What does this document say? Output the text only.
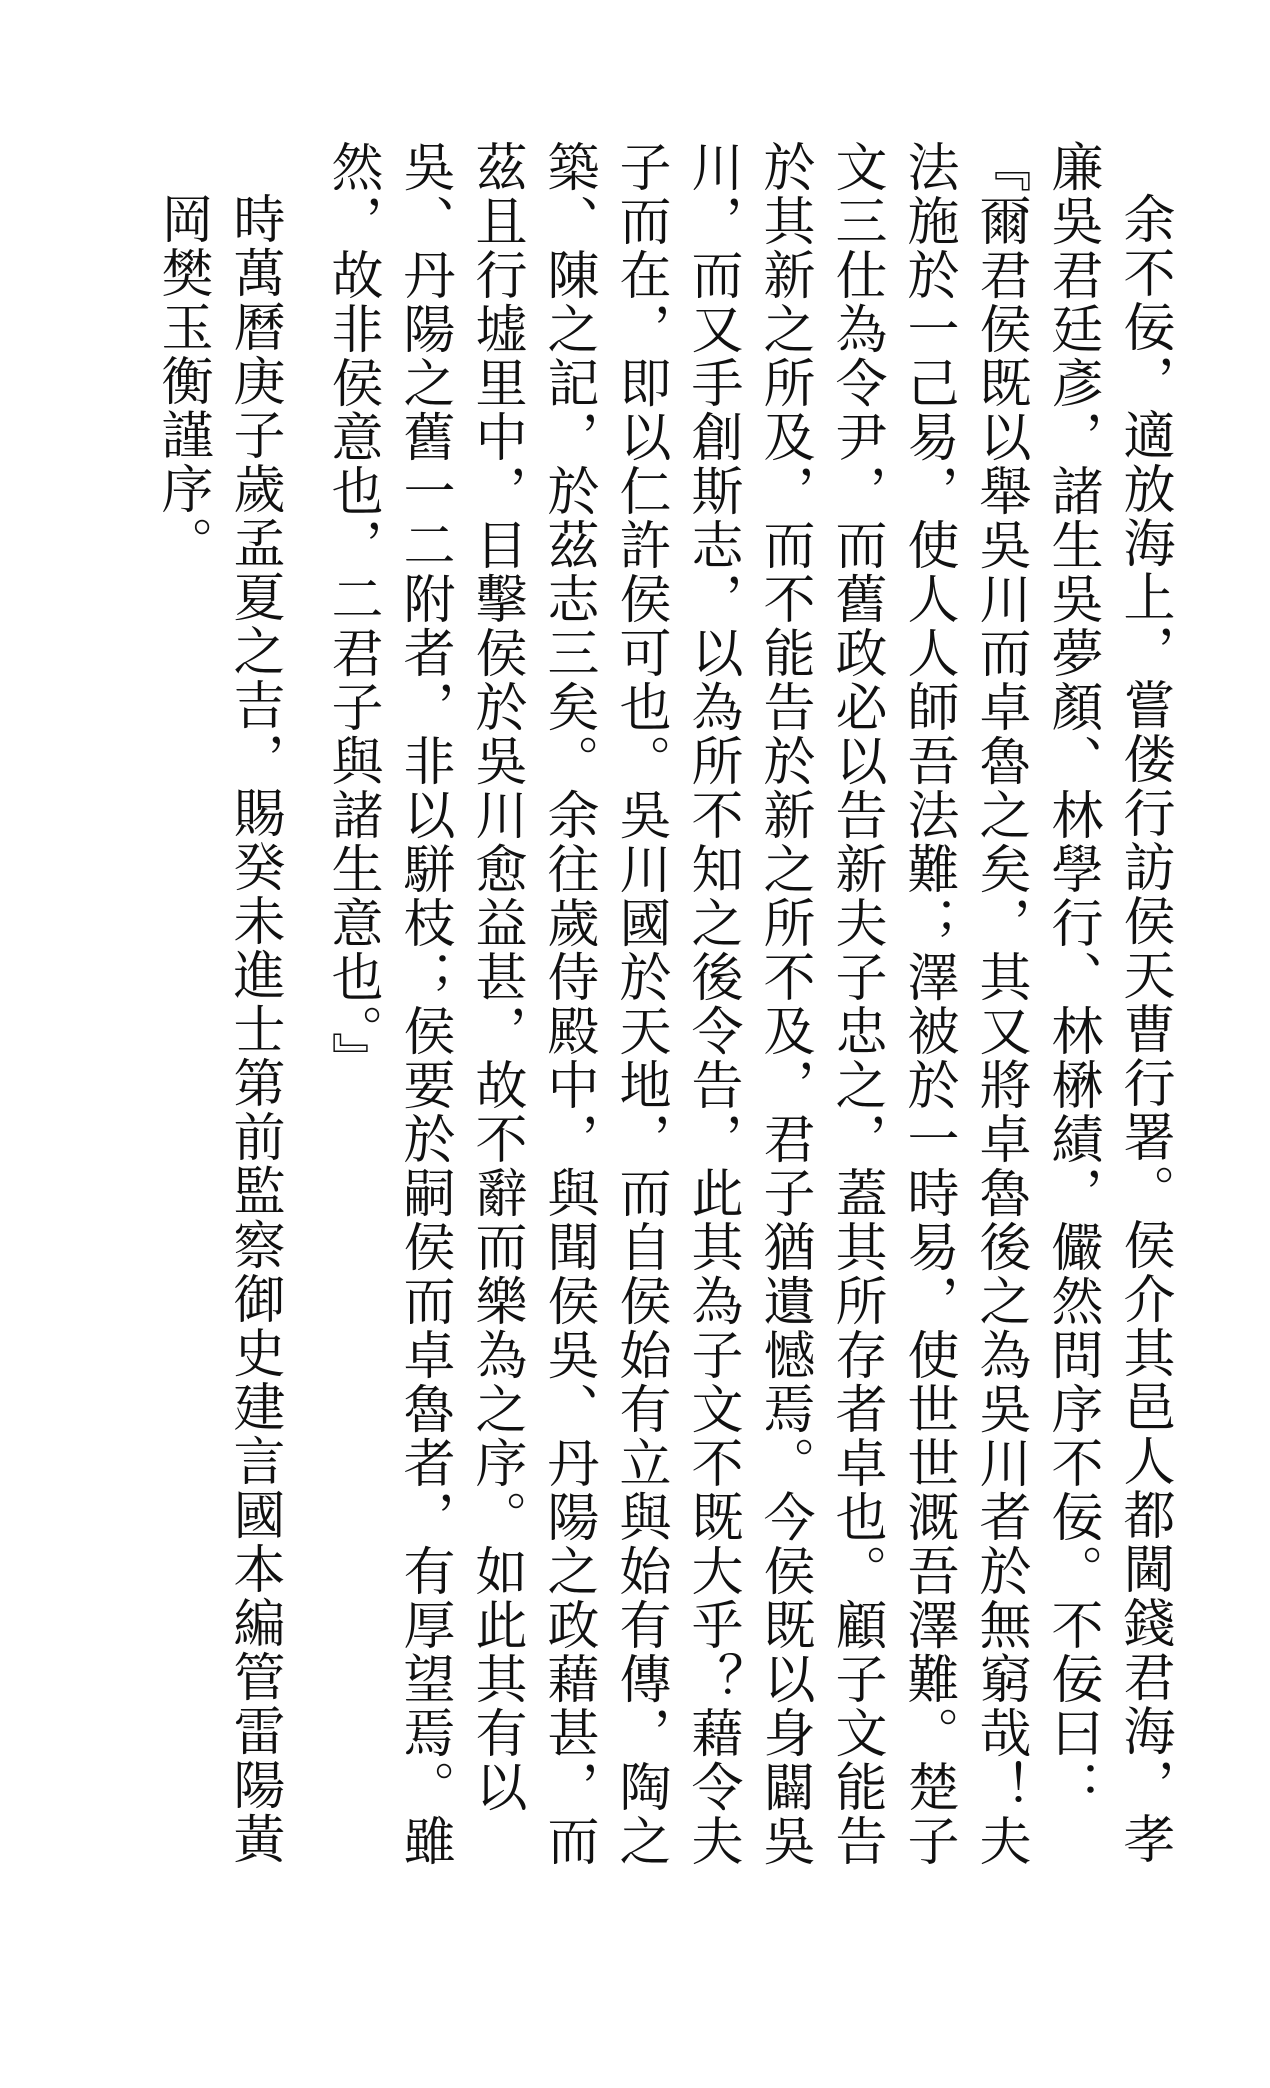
余不佞，適放海上，嘗偻行訪侯天曹行署。侯介其邑人都閫錢君海，孝廉吳君廷彥，諸生吳夢顏、林學行、林楙績，儼然問序不佞。不佞曰：『爾君侯既以舉吳川而卓魯之矣，其又將卓魯後之為吳川者於無窮哉！夫法施於一己易，使人人師吾法難；澤被於一時易，使世世溉吾澤難。楚子文三仕為令尹，而舊政必以告新夫子忠之，蓋其所存者卓也。顧子文能告於其新之所及，而不能告於新之所不及，君子猶遺憾焉。今侯既以身闢吳川，而又手創斯志，以為所不知之後令告，此其為子文不既大乎？藉令夫子而在，即以仁許侯可也。吳川國於天地，而自侯始有立與始有傳，陶之築、陳之記，於茲志三矣。余往歲侍殿中，與聞侯吳、丹陽之政藉甚，而茲且行墟里中，目擊侯於吳川愈益甚，故不辭而樂為之序。如此其有以吳、丹陽之舊一二附者，非以駢枝；侯要於嗣侯而卓魯者，有厚望焉。雖然，故非侯意也，二君子與諸生意也。』

時萬曆庚子歲孟夏之吉，賜癸未進士第前監察御史建言國本編管雷陽黃岡樊玉衡謹序。
